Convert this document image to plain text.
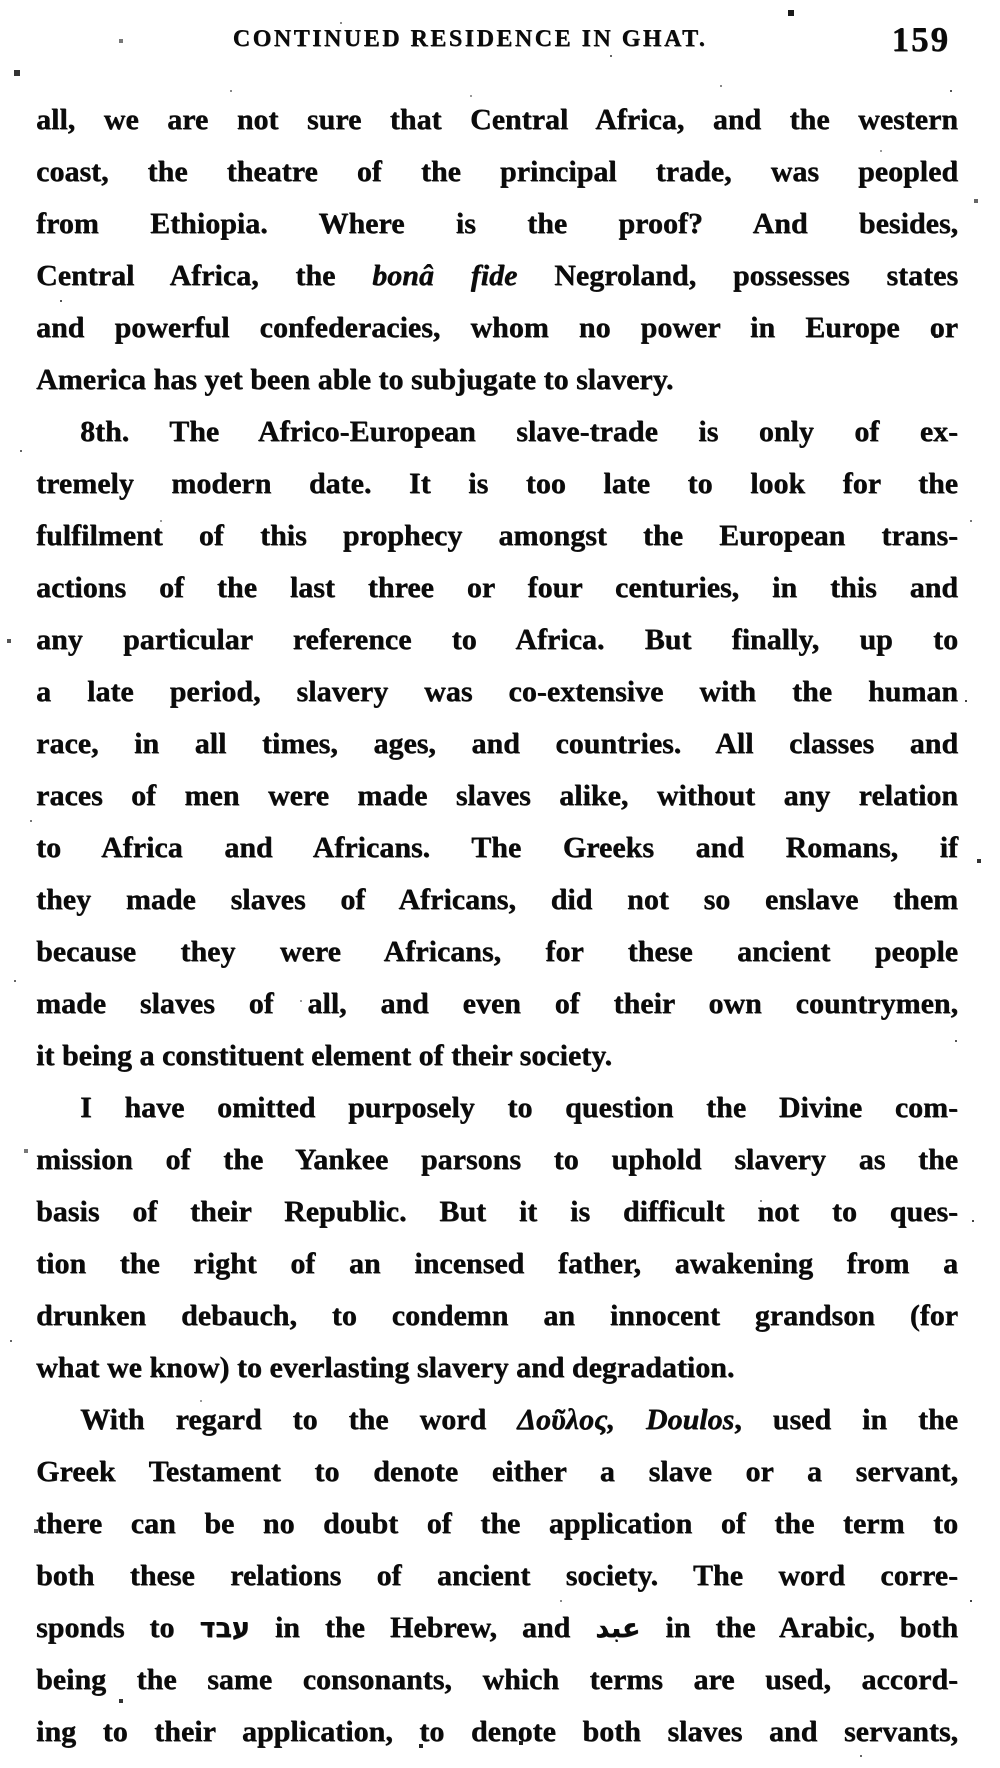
CONTINUED RESIDENCE IN GHAT.	159
all, we are not sure that Central Africa, and the western
coast, the theatre of the principal trade, was peopled
from Ethiopia. Where is the proof? And besides,
Central Africa, the bonâ fide Negroland, possesses states
and powerful confederacies, whom no power in Europe or
America has yet been able to subjugate to slavery.
8th. The Africo-European slave-trade is only of ex-
tremely modern date. It is too late to look for the
fulfilment of this prophecy amongst the European trans-
actions of the last three or four centuries, in this and
any particular reference to Africa. But finally, up to
a late period, slavery was co-extensive with the human
race, in all times, ages, and countries. All classes and
races of men were made slaves alike, without any relation
to Africa and Africans. The Greeks and Romans, if
they made slaves of Africans, did not so enslave them
because they were Africans, for these ancient people
made slaves of all, and even of their own countrymen,
it being a constituent element of their society.
I have omitted purposely to question the Divine com-
mission of the Yankee parsons to uphold slavery as the
basis of their Republic. But it is difficult not to ques-
tion the right of an incensed father, awakening from a
drunken debauch, to condemn an innocent grandson (for
what we know) to everlasting slavery and degradation.
With regard to the word Δοῦλος, Doulos, used in the
Greek Testament to denote either a slave or a servant,
there can be no doubt of the application of the term to
both these relations of ancient society. The word corre-
sponds to עבד in the Hebrew, and عبد in the Arabic, both
being the same consonants, which terms are used, accord-
ing to their application, to denote both slaves and servants,
